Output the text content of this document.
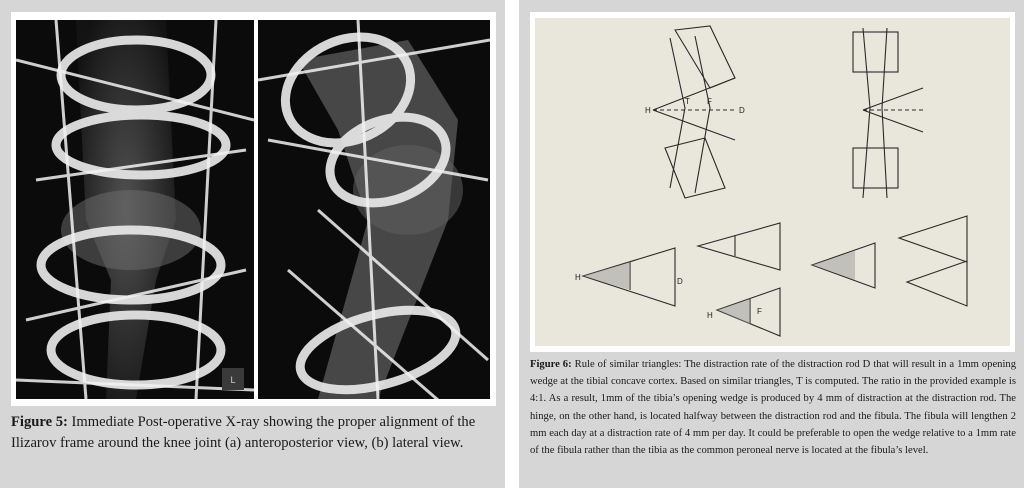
L
Figure 5: Immediate Post-operative X-ray showing the proper alignment of the Ilizarov frame around the knee joint (a) anteroposterior view, (b) lateral view.
H	D
T F
H	D
H	F
Figure 6: Rule of similar triangles: The distraction rate of the distraction rod D that will result in a 1mm opening wedge at the tibial concave cortex. Based on similar triangles, T is computed. The ratio in the provided example is 4:1. As a result, 1mm of the tibia’s opening wedge is produced by 4 mm of distraction at the distraction rod. The hinge, on the other hand, is located halfway between the distraction rod and the fibula. The fibula will lengthen 2 mm each day at a distraction rate of 4 mm per day. It could be preferable to open the wedge relative to a 1mm rate of the fibula rather than the tibia as the common peroneal nerve is located at the fibula’s level.
